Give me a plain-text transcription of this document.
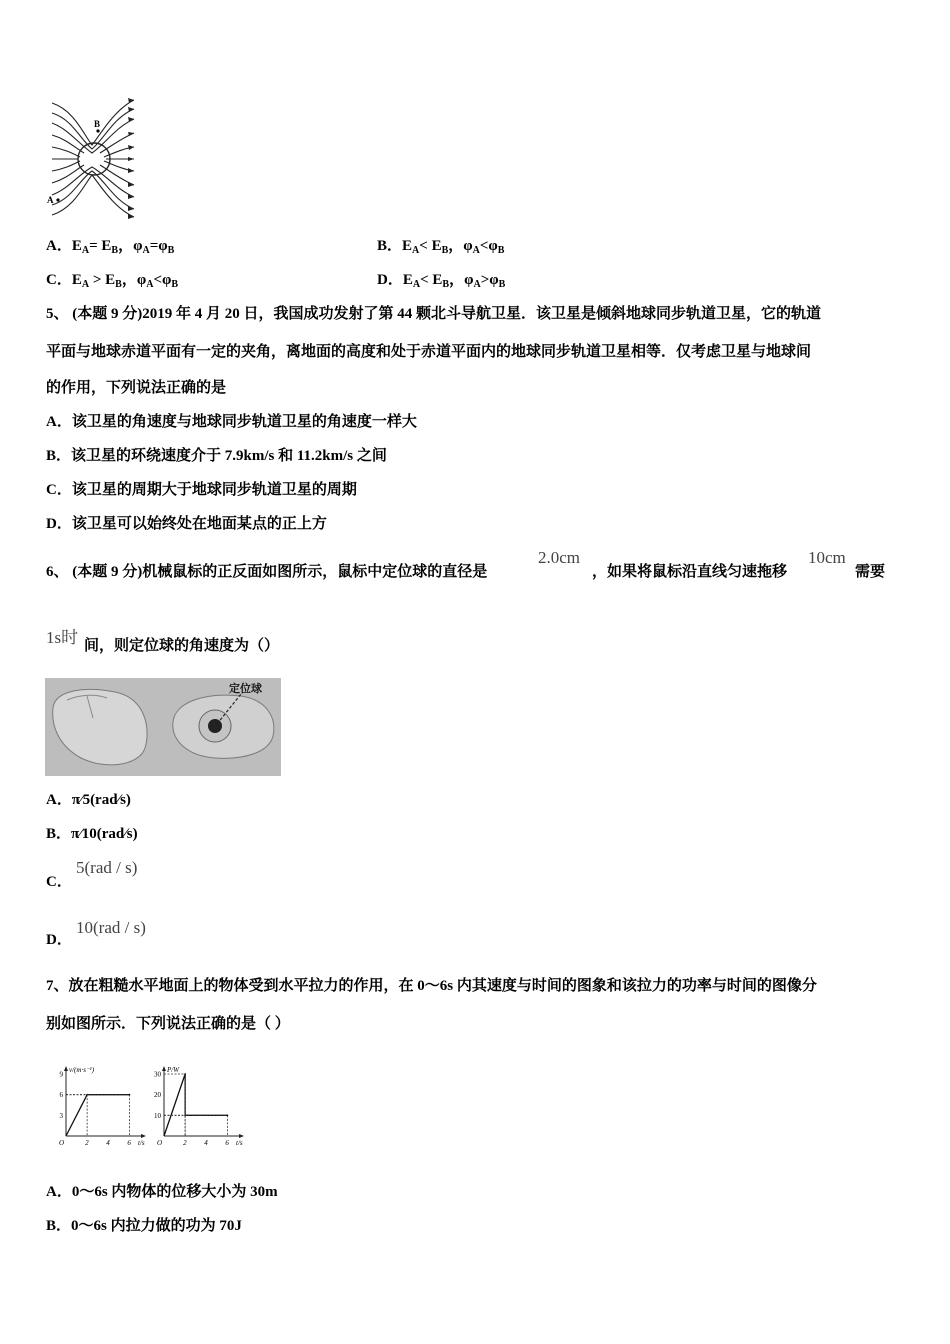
B
A
A．$E_A= E_B$，$\varphi_A=\varphi_B$	B．$E_A< E_B$，$\varphi_A<\varphi_B$
C．$E_A > E_B$，$\varphi_A<\varphi_B$	D．$E_A< E_B$，$\varphi_A>\varphi_B$
5、 (本题 9 分)2019 年 4 月 20 日，我国成功发射了第 44 颗北斗导航卫星．该卫星是倾斜地球同步轨道卫星，它的轨道
平面与地球赤道平面有一定的夹角，离地面的高度和处于赤道平面内的地球同步轨道卫星相等．仅考虑卫星与地球间
的作用，下列说法正确的是
A．该卫星的角速度与地球同步轨道卫星的角速度一样大
B．该卫星的环绕速度介于 7.9km/s 和 11.2km/s 之间
C．该卫星的周期大于地球同步轨道卫星的周期
D．该卫星可以始终处在地面某点的正上方
6、 (本题 9 分)机械鼠标的正反面如图所示，鼠标中定位球的直径是
2.0cm
，如果将鼠标沿直线匀速拖移
10cm
需要
1s时 间，则定位球的角速度为（）
定位球
A．π⁄5(rad⁄s)
B．π⁄10(rad⁄s)
C．
5(rad / s)
D．
10(rad / s)
7、放在粗糙水平地面上的物体受到水平拉力的作用，在 0～6s 内其速度与时间的图象和该拉力的功率与时间的图像分
别如图所示．下列说法正确的是（ ）
v/(m·s⁻¹)
t/s
O	2	4	6
3
6
9
P/W
t/s
O	2	4	6
10
20
30
A．0～6s 内物体的位移大小为 30m
B．0～6s 内拉力做的功为 70J
